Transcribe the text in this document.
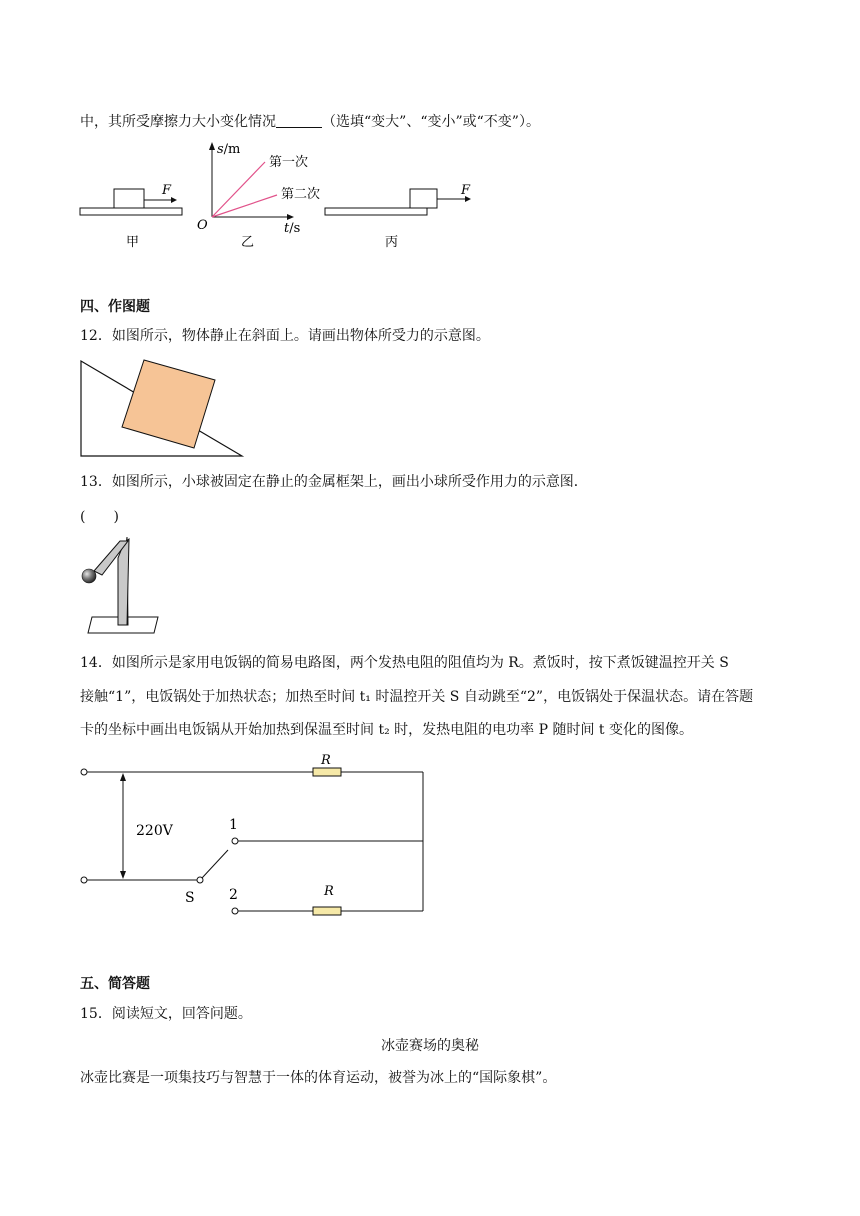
中，其所受摩擦力大小变化情况	（选填“变大”、“变小”或“不变”）。
F
甲
s/m
第一次
第二次
O	t/s
乙
F
丙
四、作图题
12．如图所示，物体静止在斜面上。请画出物体所受力的示意图。
13．如图所示，小球被固定在静止的金属框架上，画出小球所受作用力的示意图．
(　　)
14．如图所示是家用电饭锅的简易电路图，两个发热电阻的阻值均为 R。煮饭时，按下煮饭键温控开关 S
接触“1”，电饭锅处于加热状态；加热至时间 t₁ 时温控开关 S 自动跳至“2”，电饭锅处于保温状态。请在答题
卡的坐标中画出电饭锅从开始加热到保温至时间 t₂ 时，发热电阻的电功率 P 随时间 t 变化的图像。
R
220V
S
1
R
2
五、简答题
15．阅读短文，回答问题。
冰壶赛场的奥秘
冰壶比赛是一项集技巧与智慧于一体的体育运动，被誉为冰上的“国际象棋”。
